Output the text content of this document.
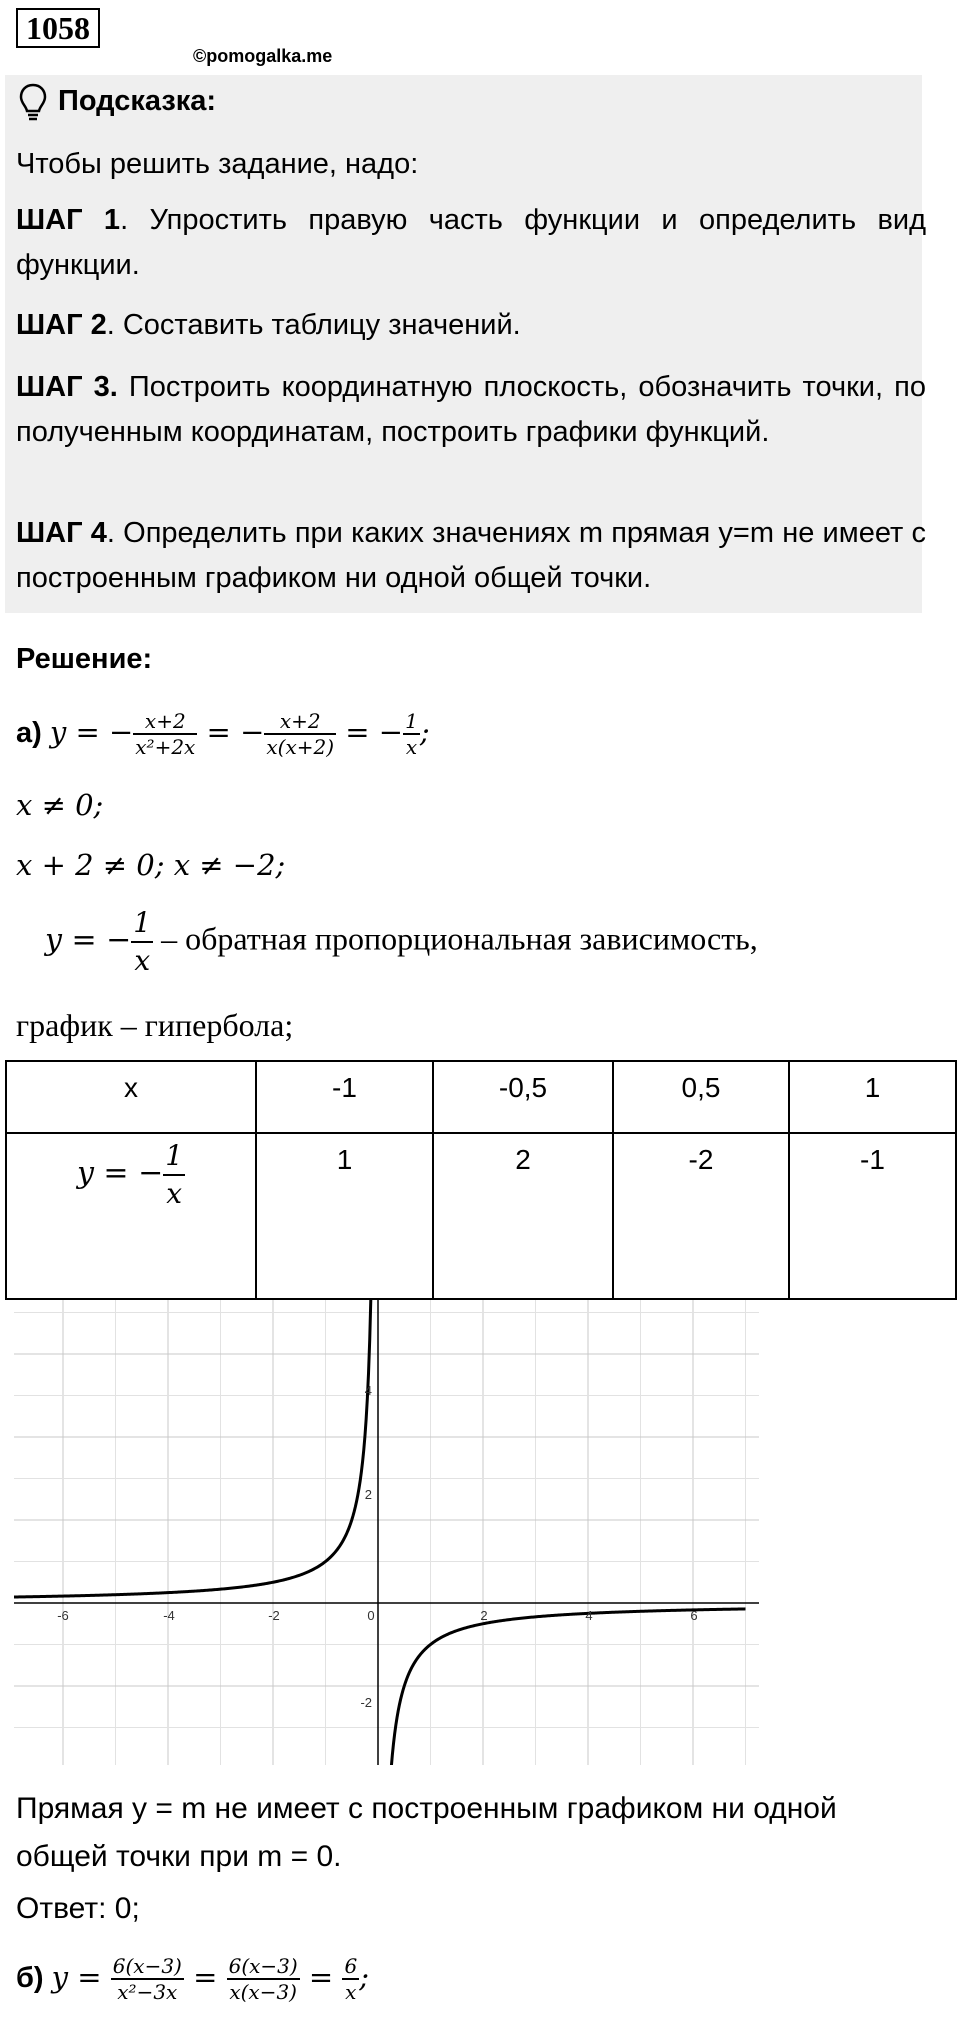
1058
©pomogalka.me
Подсказка:
Чтобы решить задание, надо:
ШАГ 1. Упростить правую часть функции и определить вид функции.
ШАГ 2. Составить таблицу значений.
ШАГ 3. Построить координатную плоскость, обозначить точки, по полученным координатам, построить графики функций.
ШАГ 4. Определить при каких значениях m прямая y=m не имеет с построенным графиком ни одной общей точки.
Решение:
а) y = − $\frac{x+2}{\text{x²+2x}}$ = − $\frac{x+2}{x(x+2)}$ = − $\frac{1}{x}$ ;
x ≠ 0;
x + 2 ≠ 0; x ≠ −2;
y = − $\frac{1}{x}$ – обратная пропорциональная зависимость,
график – гипербола;
x	-1	-0,5	0,5	1
y = − $\frac{1}{x}$	1	2	-2	-1
-6	-4	-2	0	2	4	6
4
2
-2
Прямая y = m не имеет с построенным графиком ни одной общей точки при m = 0.
Ответ: 0;
б) $y = \frac{6(x-3)}{\text{x²−3x}} = \frac{6(x-3)}{x(x-3)} = \frac{6}{x}$ ;
